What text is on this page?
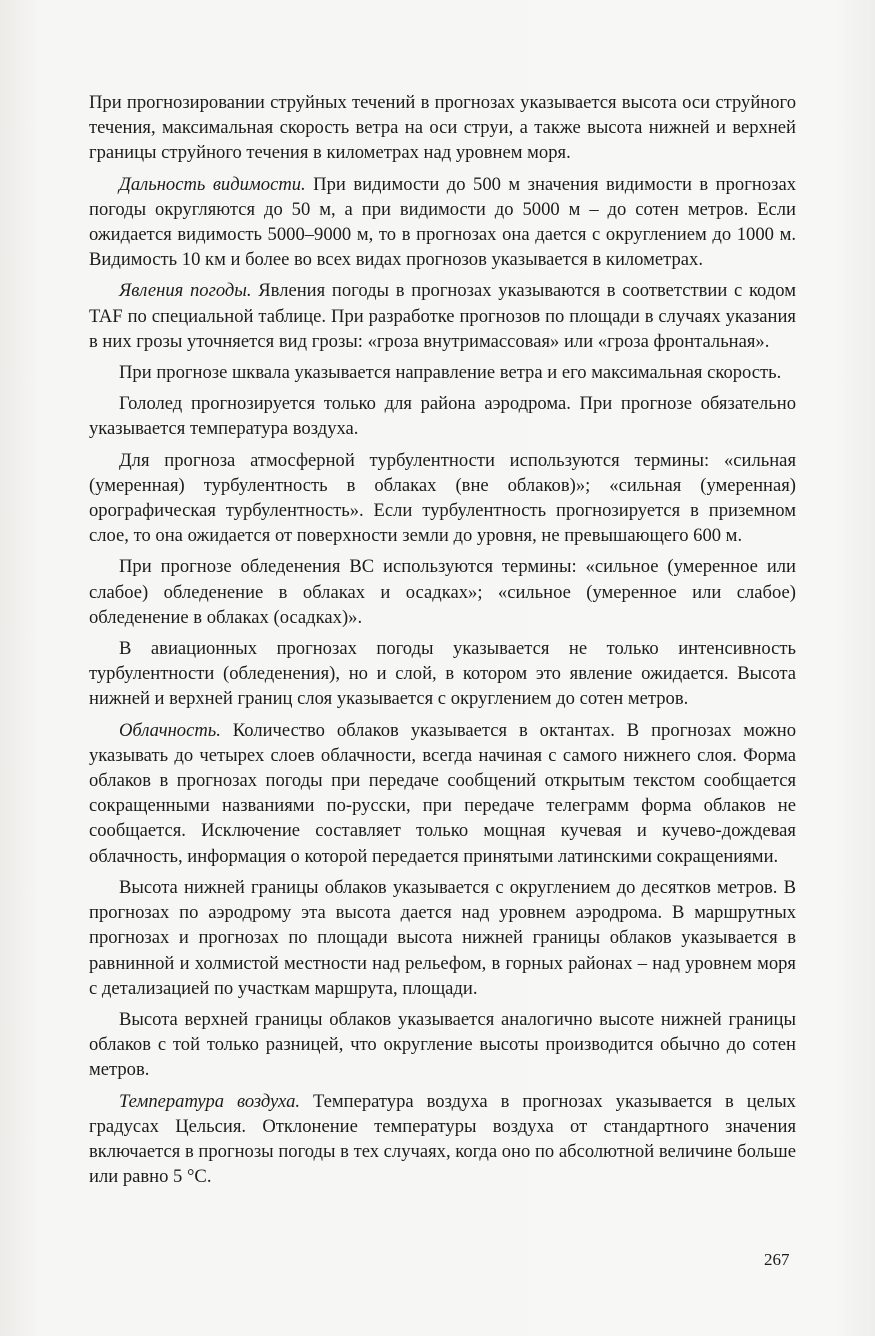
При прогнозировании струйных течений в прогнозах указывается высота оси струйного течения, максимальная скорость ветра на оси струи, а также высота нижней и верхней границы струйного течения в километрах над уровнем моря.

Дальность видимости. При видимости до 500 м значения видимости в прогнозах погоды округляются до 50 м, а при видимости до 5000 м – до сотен метров. Если ожидается видимость 5000–9000 м, то в прогнозах она дается с округлением до 1000 м. Видимость 10 км и более во всех видах прогнозов указывается в километрах.

Явления погоды. Явления погоды в прогнозах указываются в соответствии с кодом TAF по специальной таблице. При разработке прогнозов по площади в случаях указания в них грозы уточняется вид грозы: «гроза внутримассовая» или «гроза фронтальная».

При прогнозе шквала указывается направление ветра и его максимальная скорость.

Гололед прогнозируется только для района аэродрома. При прогнозе обязательно указывается температура воздуха.

Для прогноза атмосферной турбулентности используются термины: «сильная (умеренная) турбулентность в облаках (вне облаков)»; «сильная (умеренная) орографическая турбулентность». Если турбулентность прогнозируется в приземном слое, то она ожидается от поверхности земли до уровня, не превышающего 600 м.

При прогнозе обледенения ВС используются термины: «сильное (умеренное или слабое) обледенение в облаках и осадках»; «сильное (умеренное или слабое) обледенение в облаках (осадках)».

В авиационных прогнозах погоды указывается не только интенсивность турбулентности (обледенения), но и слой, в котором это явление ожидается. Высота нижней и верхней границ слоя указывается с округлением до сотен метров.

Облачность. Количество облаков указывается в октантах. В прогнозах можно указывать до четырех слоев облачности, всегда начиная с самого нижнего слоя. Форма облаков в прогнозах погоды при передаче сообщений открытым текстом сообщается сокращенными названиями по-русски, при передаче телеграмм форма облаков не сообщается. Исключение составляет только мощная кучевая и кучево-дождевая облачность, информация о которой передается принятыми латинскими сокращениями.

Высота нижней границы облаков указывается с округлением до десятков метров. В прогнозах по аэродрому эта высота дается над уровнем аэродрома. В маршрутных прогнозах и прогнозах по площади высота нижней границы облаков указывается в равнинной и холмистой местности над рельефом, в горных районах – над уровнем моря с детализацией по участкам маршрута, площади.

Высота верхней границы облаков указывается аналогично высоте нижней границы облаков с той только разницей, что округление высоты производится обычно до сотен метров.

Температура воздуха. Температура воздуха в прогнозах указывается в целых градусах Цельсия. Отклонение температуры воздуха от стандартного значения включается в прогнозы погоды в тех случаях, когда оно по абсолютной величине больше или равно 5 °С.

267
